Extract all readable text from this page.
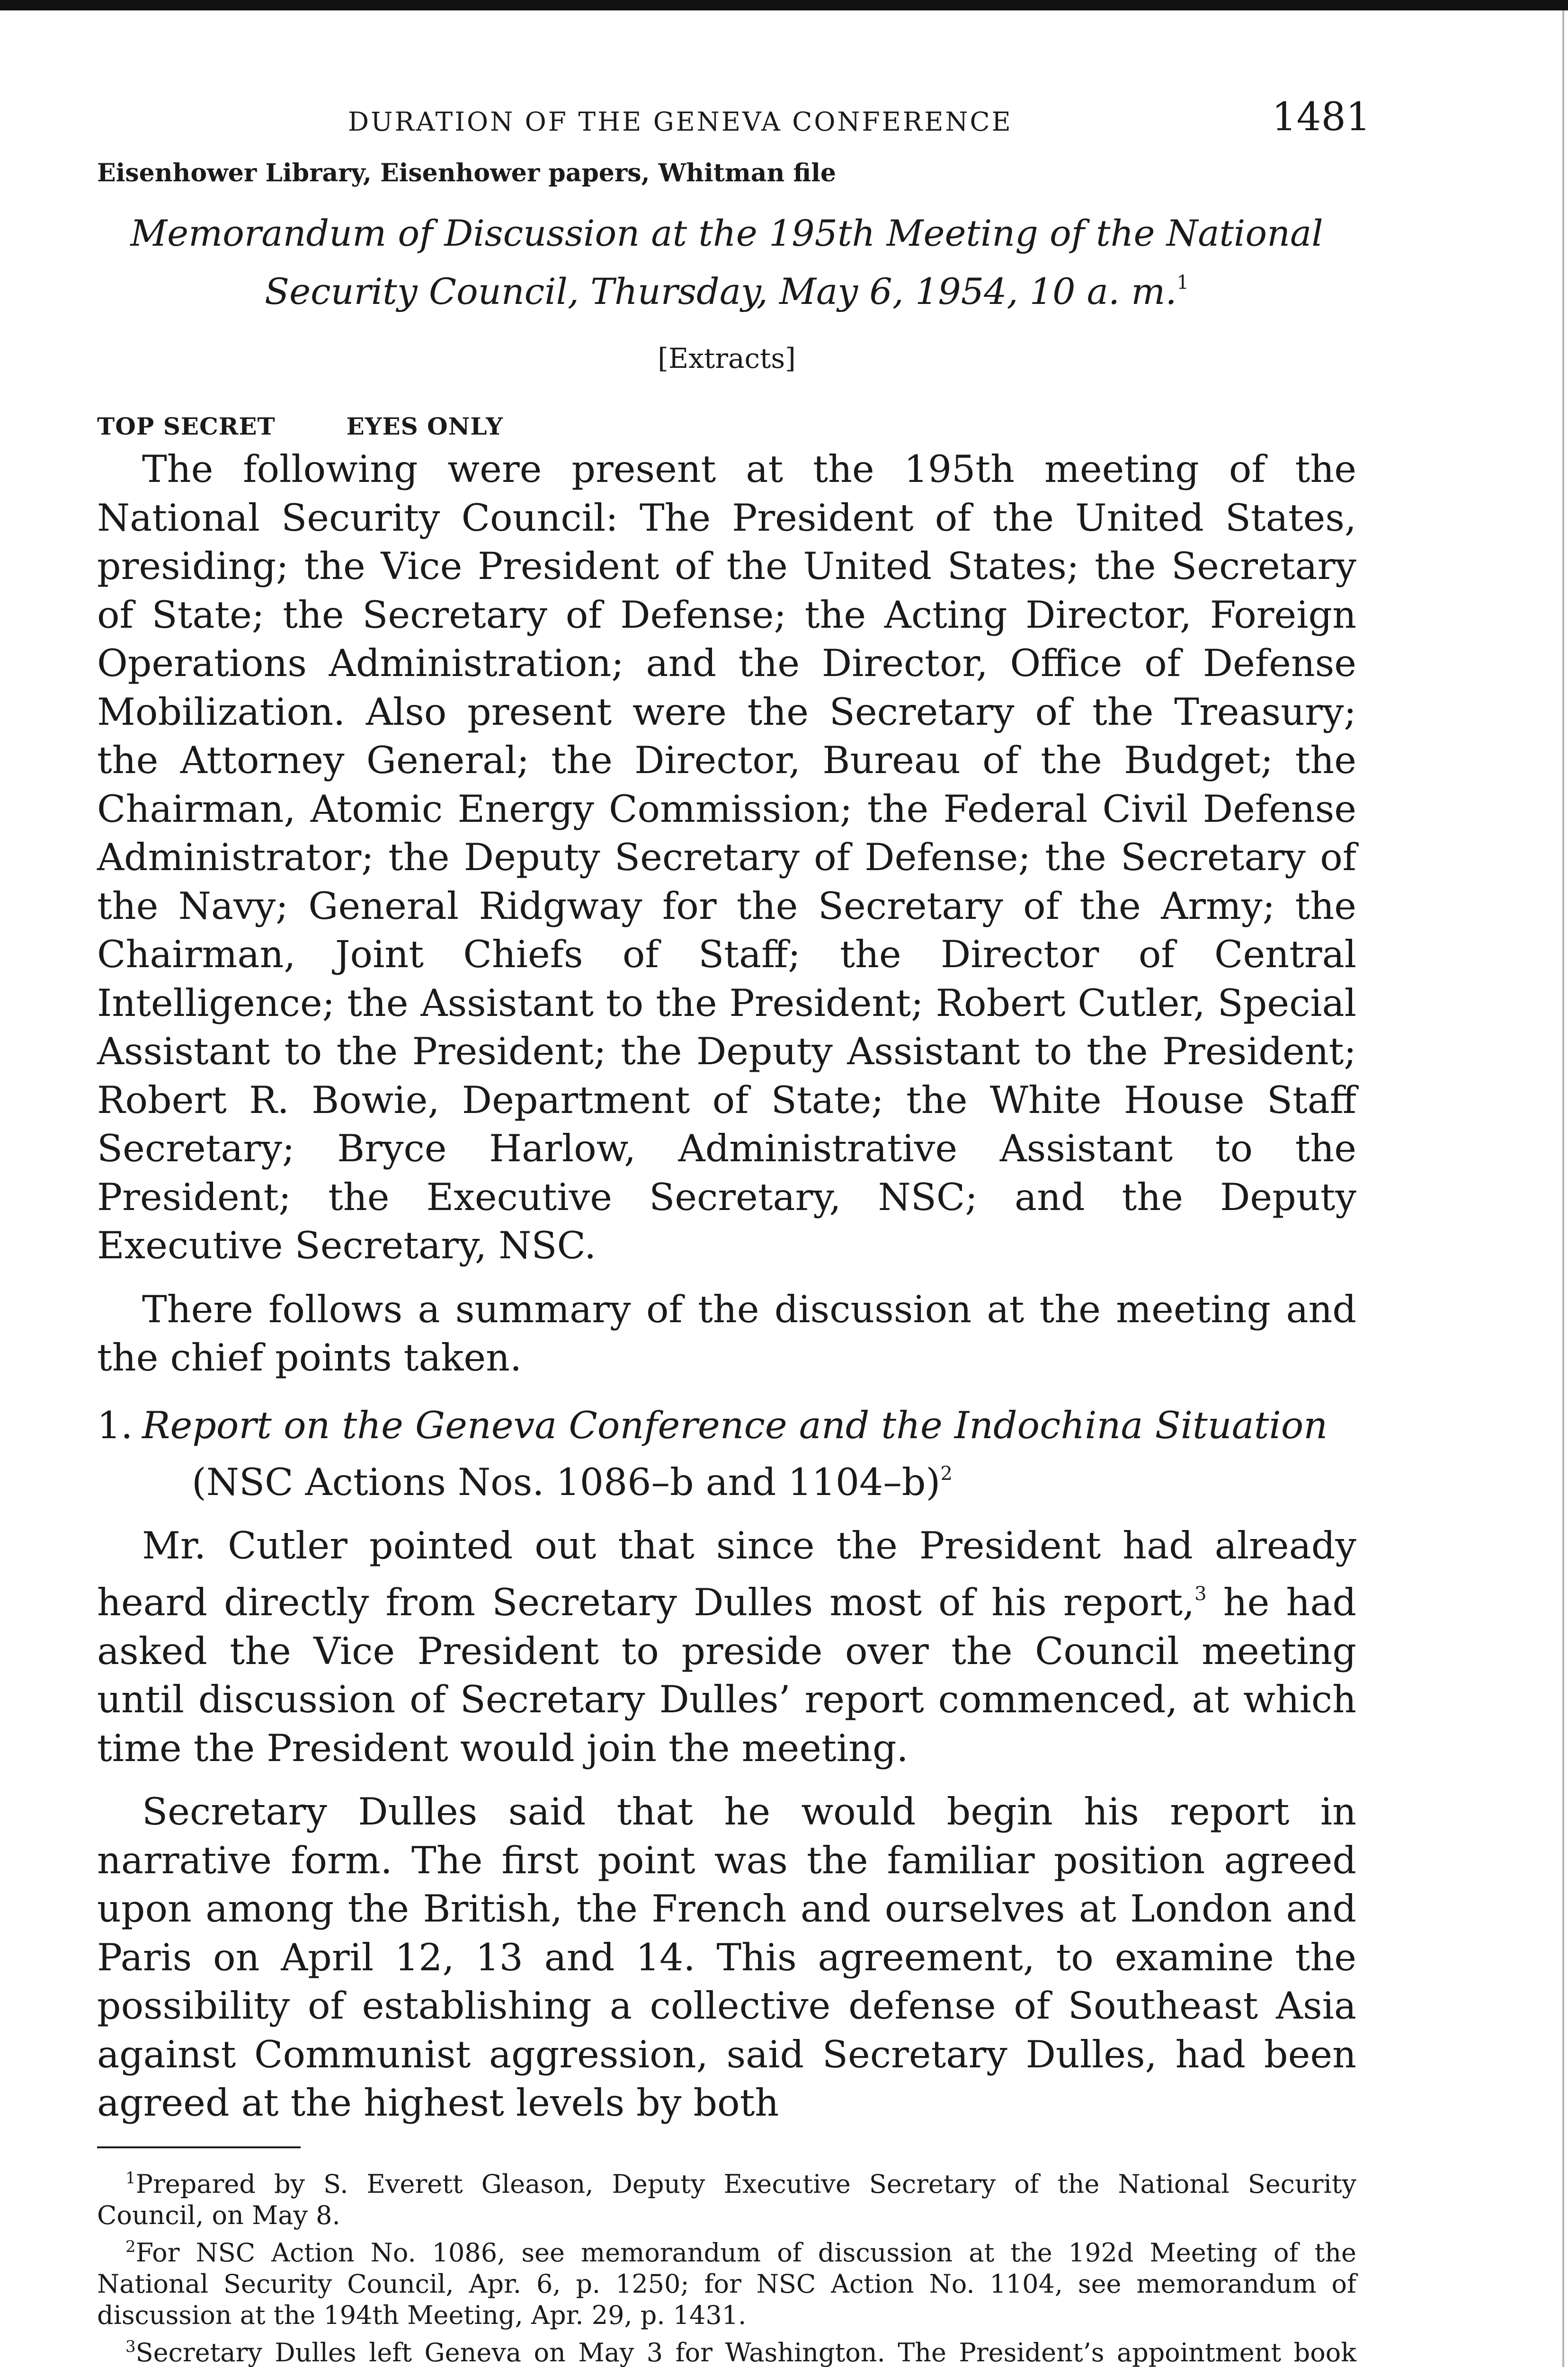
DURATION OF THE GENEVA CONFERENCE	1481
Eisenhower Library, Eisenhower papers, Whitman file
Memorandum of Discussion at the 195th Meeting of the National
Security Council, Thursday, May 6, 1954, 10 a. m.$^1$
[Extracts]
TOP SECRET	EYES ONLY

The following were present at the 195th meeting of the National Security Council: The President of the United States, presiding; the Vice President of the United States; the Secretary of State; the Secretary of Defense; the Acting Director, Foreign Operations Administration; and the Director, Office of Defense Mobilization. Also present were the Secretary of the Treasury; the Attorney General; the Director, Bureau of the Budget; the Chairman, Atomic Energy Commission; the Federal Civil Defense Administrator; the Deputy Secretary of Defense; the Secretary of the Navy; General Ridgway for the Secretary of the Army; the Chairman, Joint Chiefs of Staff; the Director of Central Intelligence; the Assistant to the President; Robert Cutler, Special Assistant to the President; the Deputy Assistant to the President; Robert R. Bowie, Department of State; the White House Staff Secretary; Bryce Harlow, Administrative Assistant to the President; the Executive Secretary, NSC; and the Deputy Executive Secretary, NSC.

There follows a summary of the discussion at the meeting and the chief points taken.

1. Report on the Geneva Conference and the Indochina Situation
(NSC Actions Nos. 1086–b and 1104–b)$^2$

Mr. Cutler pointed out that since the President had already heard directly from Secretary Dulles most of his report,$^3$ he had asked the Vice President to preside over the Council meeting until discussion of Secretary Dulles’ report commenced, at which time the President would join the meeting.

Secretary Dulles said that he would begin his report in narrative form. The first point was the familiar position agreed upon among the British, the French and ourselves at London and Paris on April 12, 13 and 14. This agreement, to examine the possibility of establishing a collective defense of Southeast Asia against Communist aggression, said Secretary Dulles, had been agreed at the highest levels by both

$^1$Prepared by S. Everett Gleason, Deputy Executive Secretary of the National Security Council, on May 8.

$^2$For NSC Action No. 1086, see memorandum of discussion at the 192d Meeting of the National Security Council, Apr. 6, p. 1250; for NSC Action No. 1104, see memorandum of discussion at the 194th Meeting, Apr. 29, p. 1431.

$^3$Secretary Dulles left Geneva on May 3 for Washington. The President’s appointment book
